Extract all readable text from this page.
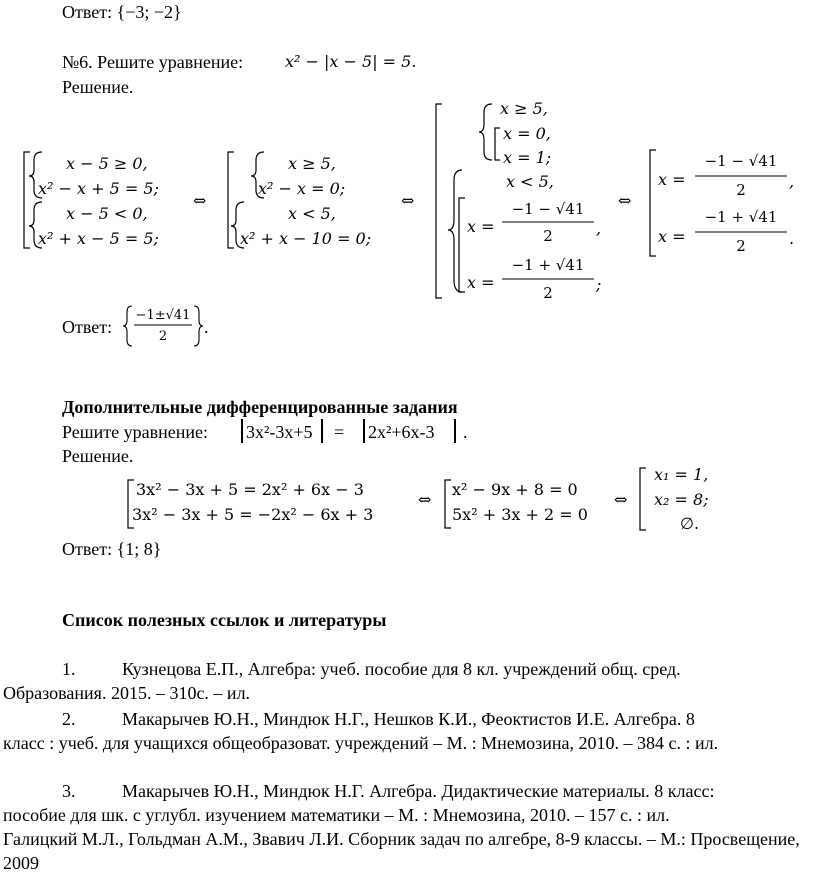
Ответ: {−3; −2}
№6. Решите уравнение:	x² − |x − 5| = 5.
Решение.
x − 5 ≥ 0,
x² − x + 5 = 5;
x − 5 < 0,
x² + x − 5 = 5;
⇔
x ≥ 5,
x² − x = 0;
x < 5,
x² + x − 10 = 0;
⇔
x ≥ 5,
x = 0,
x = 1;
x < 5,
x =
−1 − √41
2	,
x =
−1 + √41
2	;
⇔
x =
−1 − √41
2	,
x =
−1 + √41
2	.
Ответ:
−1±√41
2	.
Дополнительные дифференцированные задания
Решите уравнение: 3x²-3x+5 = 2x²+6x-3 .
Решение.
3x² − 3x + 5 = 2x² + 6x − 3
3x² − 3x + 5 = −2x² − 6x + 3
⇔
x² − 9x + 8 = 0
5x² + 3x + 2 = 0
⇔
x₁ = 1,
x₂ = 8;
∅.
Ответ: {1; 8}
Список полезных ссылок и литературы
1.	Кузнецова Е.П., Алгебра: учеб. пособие для 8 кл. учреждений общ. сред.
Образования. 2015. – 310с. – ил.
2.	Макарычев Ю.Н., Миндюк Н.Г., Нешков К.И., Феоктистов И.Е. Алгебра. 8
класс : учеб. для учащихся общеобразоват. учреждений – М. : Мнемозина, 2010. – 384 с. : ил.
3.	Макарычев Ю.Н., Миндюк Н.Г. Алгебра. Дидактические материалы. 8 класс:
пособие для шк. с углубл. изучением математики – М. : Мнемозина, 2010. – 157 с. : ил.
Галицкий М.Л., Гольдман А.М., Звавич Л.И. Сборник задач по алгебре, 8-9 классы. – М.: Просвещение, 2009
